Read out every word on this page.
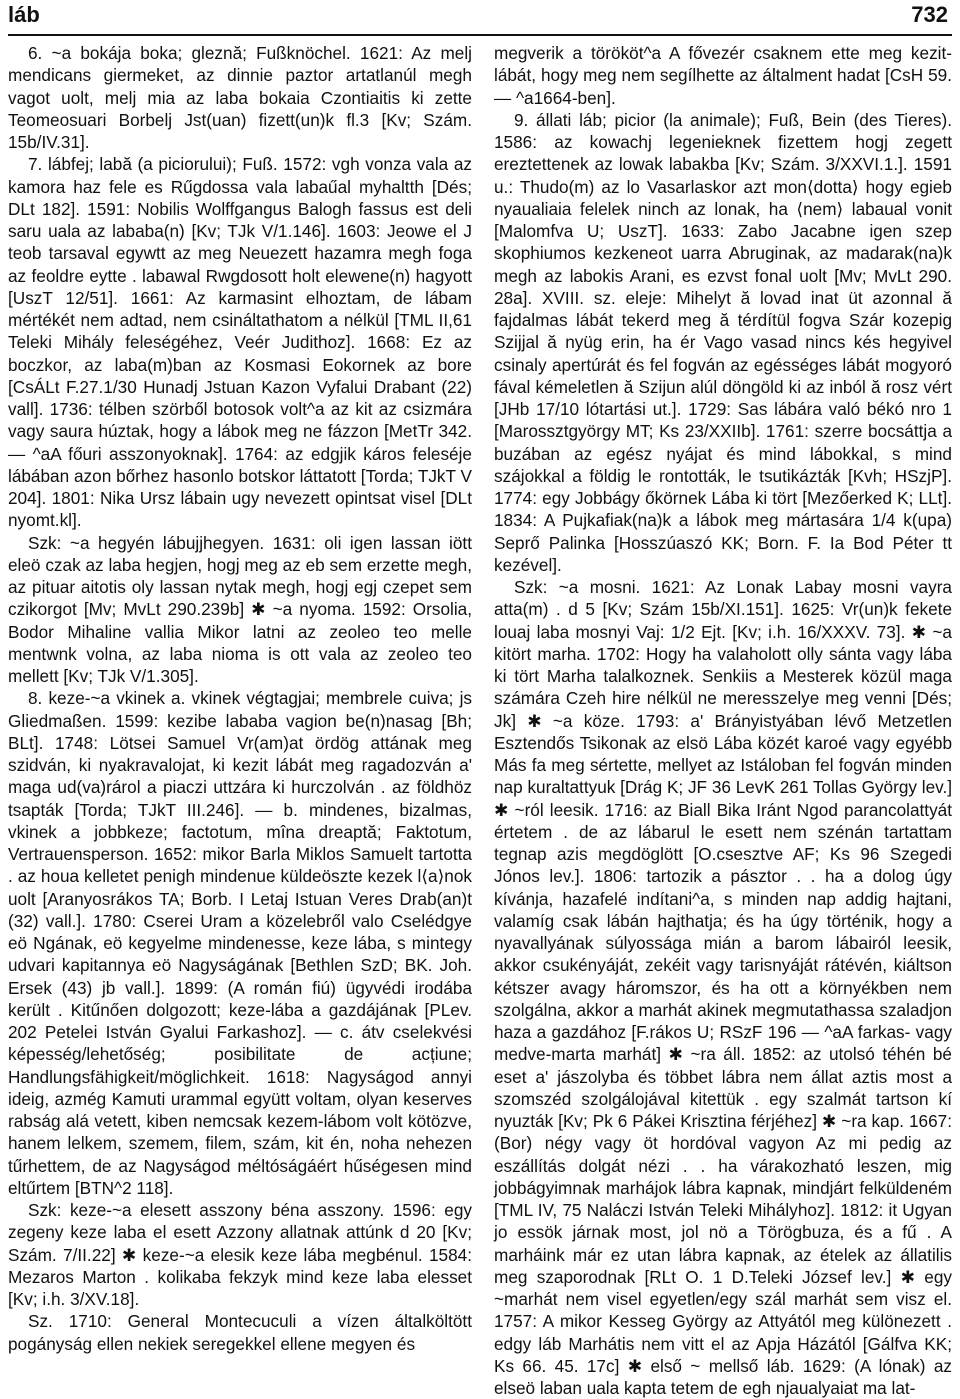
láb	732

6. ~a bokája boka; gleznă; Fußknöchel. 1621: Az melj mendicans giermeket, az dinnie paztor artatlanúl megh vagot uolt, melj mia az laba bokaia Czontiaitis ki zette Teomeosuari Borbelj Jst(uan) fizett(un)k fl.3 [Kv; Szám. 15b/IV.31].

7. lábfej; labă (a piciorului); Fuß. 1572: vgh vonza vala az kamora haz fele es Rűgdossa vala labaűal myhaltth [Dés; DLt 182]. 1591: Nobilis Wolffgangus Balogh fassus est deli saru uala az lababa(n) [Kv; TJk V/1.146]. 1603: Jeowe el J teob tarsaval egywtt az meg Neuezett hazamra megh foga az feoldre eytte . labawal Rwgdosott holt elewene(n) hagyott [UszT 12/51]. 1661: Az karmasint elhoztam, de lábam mértékét nem adtad, nem csináltathatom a nélkül [TML II,61 Teleki Mihály feleségéhez, Veér Judithoz]. 1668: Ez az boczkor, az laba(m)ban az Kosmasi Eokornek az bore [CsÁLt F.27.1/30 Hunadj Jstuan Kazon Vyfalui Drabant (22) vall]. 1736: télben szörből botosok volt^a az kit az csizmára vagy saura húztak, hogy a lábok meg ne fázzon [MetTr 342. — ^aA főuri asszonyoknak]. 1764: az edgjik káros feleséje lábában azon bőrhez hasonlo botskor láttatott [Torda; TJkT V 204]. 1801: Nika Ursz lábain ugy nevezett opintsat visel [DLt nyomt.kl].

Szk: ~a hegyén lábujjhegyen. 1631: oli igen lassan iött eleö czak az laba hegjen, hogj meg az eb sem erzette megh, az pituar aitotis oly lassan nytak megh, hogj egj czepet sem czikorgot [Mv; MvLt 290.239b] ✱ ~a nyoma. 1592: Orsolia, Bodor Mihaline vallia Mikor latni az zeoleo teo melle mentwnk volna, az laba nioma is ott vala az zeoleo teo mellett [Kv; TJk V/1.305].

8. keze-~a vkinek a. vkinek végtagjai; membrele cuiva; js Gliedmaßen. 1599: kezibe lababa vagion be(n)nasag [Bh; BLt]. 1748: Lötsei Samuel Vr(am)at ördög attának meg szidván, ki nyakravalojat, ki kezit lábát meg ragadozván a' maga ud(va)rárol a piaczi uttzára ki hurczolván . az földhöz tsapták [Torda; TJkT III.246]. — b. mindenes, bizalmas, vkinek a jobbkeze; factotum, mîna dreaptă; Faktotum, Vertrauensperson. 1652: mikor Barla Miklos Samuelt tartotta . az houa kelletet penigh mindenue küldeöszte kezek l⟨a⟩nok uolt [Aranyosrákos TA; Borb. I Letaj Istuan Veres Drab(an)t (32) vall.]. 1780: Cserei Uram a közelebről valo Cselédgye eö Ngának, eö kegyelme mindenesse, keze lába, s mintegy udvari kapitannya eö Nagyságának [Bethlen SzD; BK. Joh. Ersek (43) jb vall.]. 1899: (A román fiú) ügyvédi irodába került . Kitűnően dolgozott; keze-lába a gazdájának [PLev. 202 Petelei István Gyalui Farkashoz]. — c. átv cselekvési képesség/lehetőség; posibilitate de acțiune; Handlungsfähigkeit/möglichkeit. 1618: Nagyságod annyi ideig, azmég Kamuti urammal együtt voltam, olyan keserves rabság alá vetett, kiben nemcsak kezem-lábom volt kötözve, hanem lelkem, szemem, filem, szám, kit én, noha nehezen tűrhettem, de az Nagyságod méltóságáért hűségesen mind eltűrtem [BTN^2 118].

Szk: keze-~a elesett asszony béna asszony. 1596: egy zegeny keze laba el esett Azzony allatnak attúnk d 20 [Kv; Szám. 7/II.22] ✱ keze-~a elesik keze lába megbénul. 1584: Mezaros Marton . kolikaba fekzyk mind keze laba elesset [Kv; i.h. 3/XV.18].

Sz. 1710: General Montecuculi a vízen általköltött pogányság ellen nekiek seregekkel ellene megyen és

megverik a törököt^a A fővezér csaknem ette meg kezit-lábát, hogy meg nem segílhette az általment hadat [CsH 59. — ^a1664-ben].

9. állati láb; picior (la animale); Fuß, Bein (des Tieres). 1586: az kowachj legenieknek fizettem hogj zegett ereztettenek az lowak labakba [Kv; Szám. 3/XXVI.1.]. 1591 u.: Thudo(m) az lo Vasarlaskor azt mon⟨dotta⟩ hogy egieb nyaualiaia felelek ninch az lonak, ha ⟨nem⟩ labaual vonit [Malomfva U; UszT]. 1633: Zabo Jacabne igen szep skophiumos kezkeneot uarra Abruginak, az madarak(na)k megh az labokis Arani, es ezvst fonal uolt [Mv; MvLt 290. 28a]. XVIII. sz. eleje: Mihelyt ă lovad inat üt azonnal ă fajdalmas lábát tekerd meg ă térdítül fogva Szár kozepig Szijjal ă nyüg erin, ha ér Vago vasad nincs kés hegyivel csinaly apertúrát és fel fogván az egésséges lábát mogyoró fával kémeletlen ă Szijun alúl döngöld ki az inból ă rosz vért [JHb 17/10 lótartási ut.]. 1729: Sas lábára való békó nro 1 [Marossztgyörgy MT; Ks 23/XXIIb]. 1761: szerre bocsáttja a buzában az egész nyájat és mind lábokkal, s mind szájokkal a földig le rontották, le tsutikázták [Kvh; HSzjP]. 1774: egy Jobbágy őkörnek Lába ki tört [Mezőerked K; LLt]. 1834: A Pujkafiak(na)k a lábok meg mártasára 1/4 k(upa) Seprő Palinka [Hosszúaszó KK; Born. F. Ia Bod Péter tt kezével].

Szk: ~a mosni. 1621: Az Lonak Labay mosni vayra atta(m) . d 5 [Kv; Szám 15b/XI.151]. 1625: Vr(un)k fekete louaj laba mosnyi Vaj: 1/2 Ejt. [Kv; i.h. 16/XXXV. 73]. ✱ ~a kitört marha. 1702: Hogy ha valaholott olly sánta vagy lába ki tört Marha talalkoznek. Senkiis a Mesterek közül maga számára Czeh hire nélkül ne meresszelye meg venni [Dés; Jk] ✱ ~a köze. 1793: a' Brányistyában lévő Metzetlen Esztendős Tsikonak az elsö Lába közét karoé vagy egyébb Más fa meg sértette, mellyet az Istáloban fel fogván minden nap kuraltattyuk [Drág K; JF 36 LevK 261 Tollas György lev.] ✱ ~ról leesik. 1716: az Biall Bika Iránt Ngod parancolattyát értetem . de az lábarul le esett nem szénán tartattam tegnap azis megdöglött [O.csesztve AF; Ks 96 Szegedi Jónos lev.]. 1806: tartozik a pásztor . . ha a dolog úgy kívánja, hazafelé indítani^a, s minden nap addig hajtani, valamíg csak lábán hajthatja; és ha úgy történik, hogy a nyavallyának súlyossága mián a barom lábairól leesik, akkor csukényáját, zekéit vagy tarisnyáját rátévén, kiáltson kétszer avagy háromszor, és ha ott a környékben nem szolgálna, akkor a marhát akinek megmutathassa szaladjon haza a gazdához [F.rákos U; RSzF 196 — ^aA farkas- vagy medve-marta marhát] ✱ ~ra áll. 1852: az utolsó téhén bé eset a' jászolyba és többet lábra nem állat aztis most a szomszéd szolgálojával kitettük . egy szalmát tartson kí nyuzták [Kv; Pk 6 Pákei Krisztina férjéhez] ✱ ~ra kap. 1667: (Bor) négy vagy öt hordóval vagyon Az mi pedig az eszállítás dolgát nézi . . ha várakozható leszen, mig jobbágyimnak marhájok lábra kapnak, mindjárt felküldeném [TML IV, 75 Naláczi István Teleki Mihályhoz]. 1812: it Ugyan jo essök járnak most, jol nö a Törögbuza, és a fű . A marháink már ez utan lábra kapnak, az ételek az állatilis meg szaporodnak [RLt O. 1 D.Teleki József lev.] ✱ egy ~marhát nem visel egyetlen/egy szál marhát sem visz el. 1757: A mikor Kesseg György az Attyától meg különezett . edgy láb Marhátis nem vitt el az Apja Házától [Gálfva KK; Ks 66. 45. 17c] ✱ első ~ mellső láb. 1629: (A lónak) az elseö laban uala kapta tetem de egh njaualyaiat ma lat-
